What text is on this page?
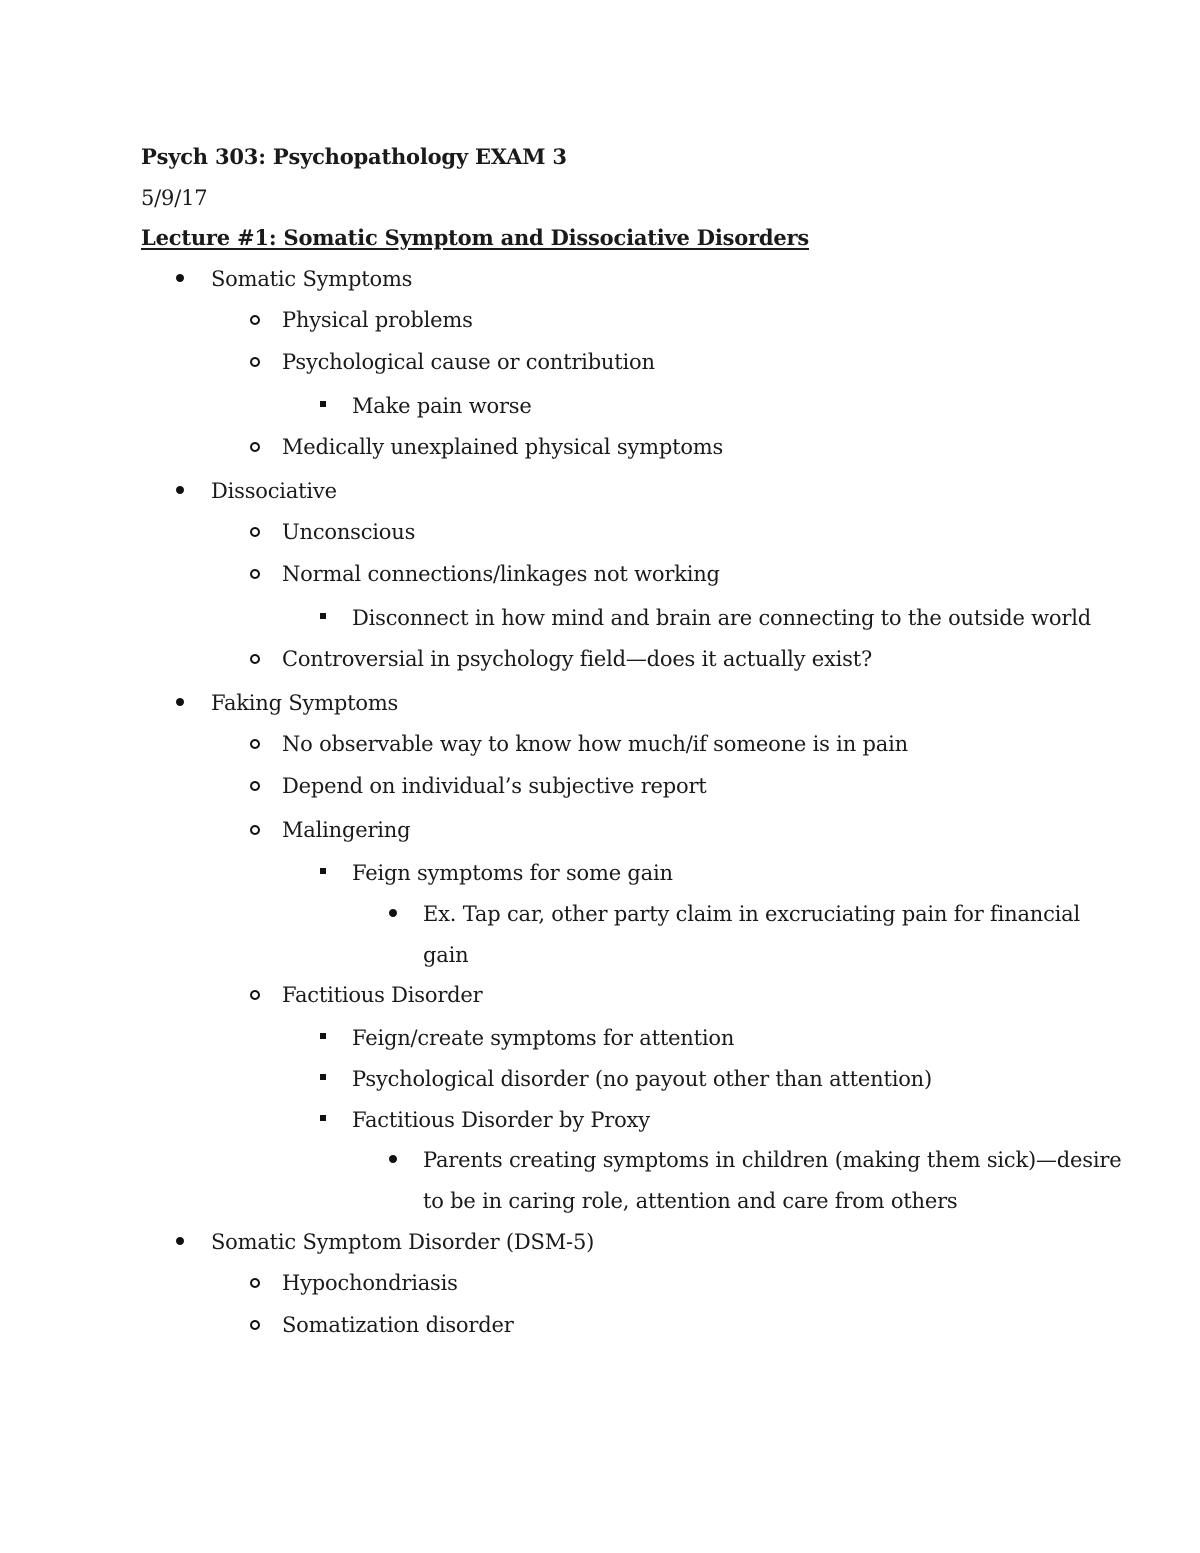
Psych 303: Psychopathology EXAM 3
5/9/17
Lecture #1: Somatic Symptom and Dissociative Disorders
Somatic Symptoms
Physical problems
Psychological cause or contribution
Make pain worse
Medically unexplained physical symptoms
Dissociative
Unconscious
Normal connections/linkages not working
Disconnect in how mind and brain are connecting to the outside world
Controversial in psychology field—does it actually exist?
Faking Symptoms
No observable way to know how much/if someone is in pain
Depend on individual’s subjective report
Malingering
Feign symptoms for some gain
Ex. Tap car, other party claim in excruciating pain for financial
gain
Factitious Disorder
Feign/create symptoms for attention
Psychological disorder (no payout other than attention)
Factitious Disorder by Proxy
Parents creating symptoms in children (making them sick)—desire
to be in caring role, attention and care from others
Somatic Symptom Disorder (DSM-5)
Hypochondriasis
Somatization disorder
